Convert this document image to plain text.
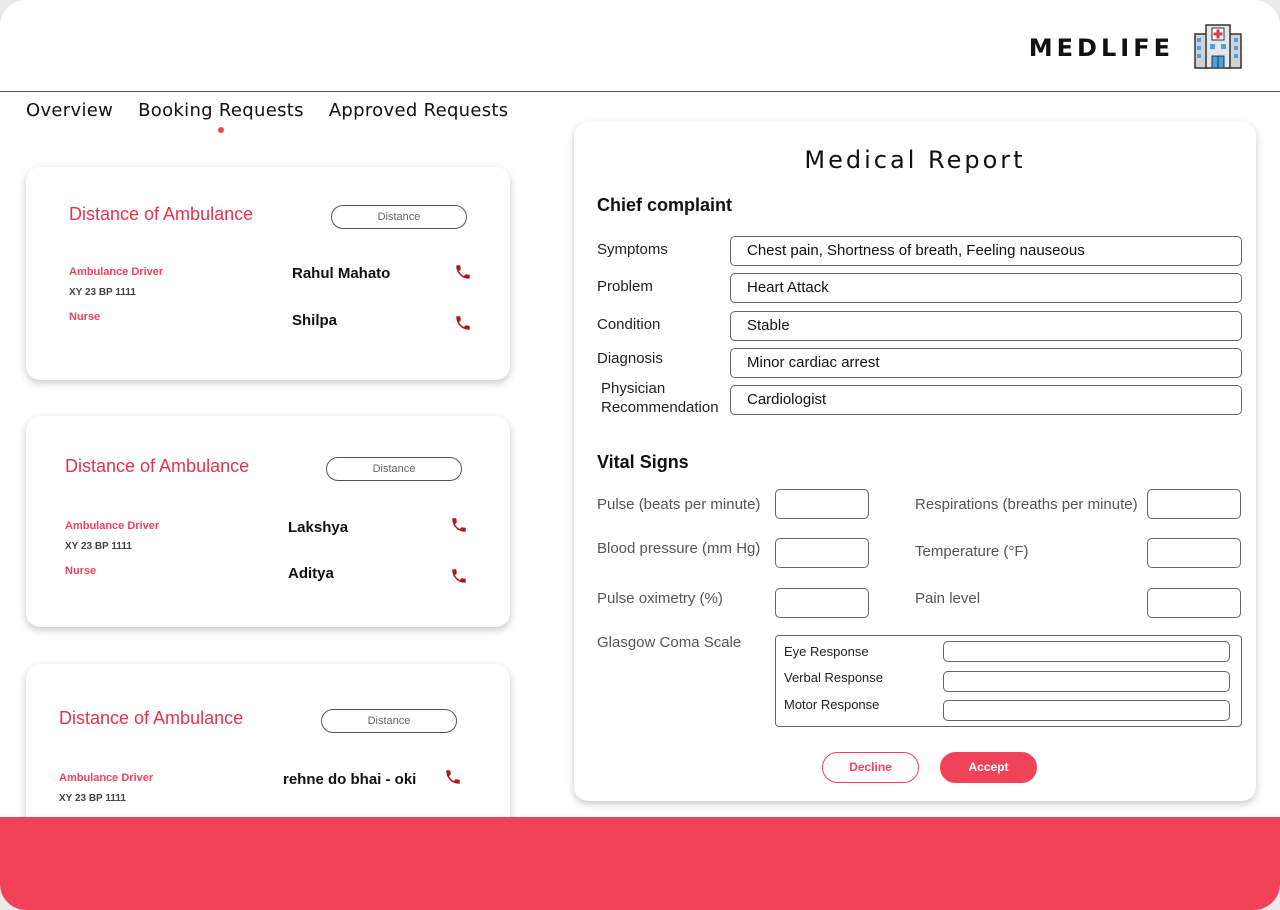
MEDLIFE
Overview Booking Requests Approved Requests
Distance of Ambulance	Distance
Ambulance Driver
XY 23 BP 1111
Rahul Mahato
Nurse	Shilpa
Distance of Ambulance	Distance
Ambulance Driver
XY 23 BP 1111
Lakshya
Nurse	Aditya
Distance of Ambulance	Distance
Ambulance Driver
XY 23 BP 1111
rehne do bhai - oki
Medical Report
Chief complaint
Symptoms	Chest pain, Shortness of breath, Feeling nauseous
Problem	Heart Attack
Condition	Stable
Diagnosis	Minor cardiac arrest
Physician
Recommendation	Cardiologist
Vital Signs
Pulse (beats per minute)	Respirations (breaths per minute)
Blood pressure (mm Hg)	Temperature (°F)
Pulse oximetry (%)	Pain level
Glasgow Coma Scale
Eye Response
Verbal Response
Motor Response
Decline	Accept
